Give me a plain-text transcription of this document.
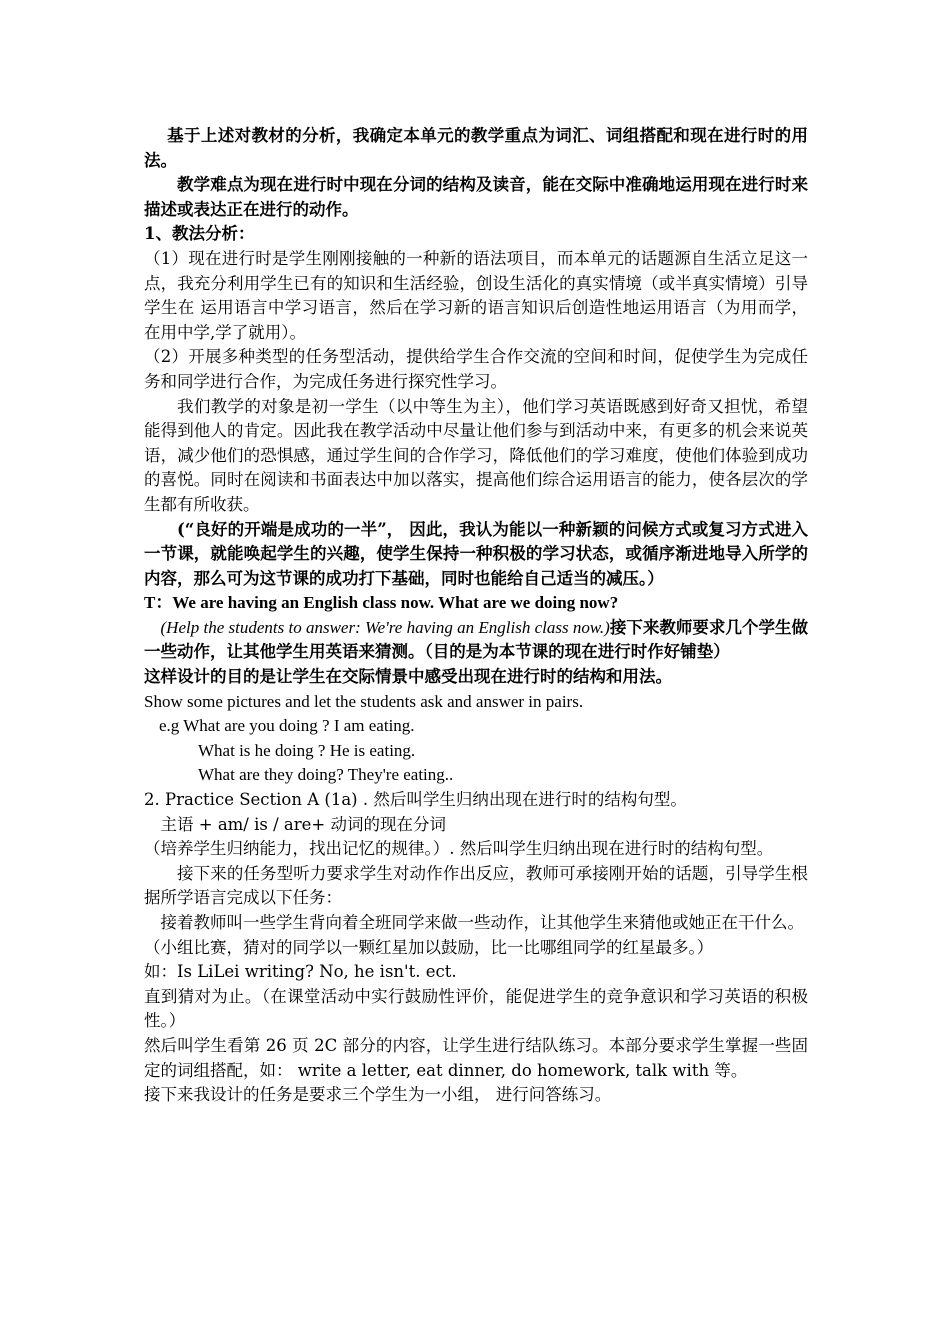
基于上述对教材的分析，我确定本单元的教学重点为词汇、词组搭配和现在进行时的用法。

教学难点为现在进行时中现在分词的结构及读音，能在交际中准确地运用现在进行时来描述或表达正在进行的动作。

1、教法分析：

（1）现在进行时是学生刚刚接触的一种新的语法项目，而本单元的话题源自生活立足这一点，我充分利用学生已有的知识和生活经验，创设生活化的真实情境（或半真实情境）引导学生在 运用语言中学习语言，然后在学习新的语言知识后创造性地运用语言（为用而学， 在用中学,学了就用）。

（2）开展多种类型的任务型活动，提供给学生合作交流的空间和时间，促使学生为完成任务和同学进行合作，为完成任务进行探究性学习。

我们教学的对象是初一学生（以中等生为主），他们学习英语既感到好奇又担忧，希望能得到他人的肯定。因此我在教学活动中尽量让他们参与到活动中来，有更多的机会来说英语，减少他们的恐惧感，通过学生间的合作学习，降低他们的学习难度，使他们体验到成功的喜悦。同时在阅读和书面表达中加以落实，提高他们综合运用语言的能力，使各层次的学生都有所收获。

(“良好的开端是成功的一半”， 因此，我认为能以一种新颖的问候方式或复习方式进入一节课，就能唤起学生的兴趣，使学生保持一种积极的学习状态，或循序渐进地导入所学的内容，那么可为这节课的成功打下基础，同时也能给自己适当的减压。）

T：We are having an English class now. What are we doing now?

(Help the students to answer: We're having an English class now.)接下来教师要求几个学生做一些动作，让其他学生用英语来猜测。（目的是为本节课的现在进行时作好铺垫）

这样设计的目的是让学生在交际情景中感受出现在进行时的结构和用法。

Show some pictures and let the students ask and answer in pairs.

e.g What are you doing ? I am eating.

What is he doing ? He is eating.

What are they doing? They're eating..

2. Practice Section A (1a) . 然后叫学生归纳出现在进行时的结构句型。

主语 + am/ is / are+ 动词的现在分词

（培养学生归纳能力，找出记忆的规律。）. 然后叫学生归纳出现在进行时的结构句型。

接下来的任务型听力要求学生对动作作出反应，教师可承接刚开始的话题，引导学生根据所学语言完成以下任务：

接着教师叫一些学生背向着全班同学来做一些动作，让其他学生来猜他或她正在干什么。

（小组比赛，猜对的同学以一颗红星加以鼓励，比一比哪组同学的红星最多。）

如：Is LiLei writing? No, he isn't. ect.

直到猜对为止。（在课堂活动中实行鼓励性评价，能促进学生的竞争意识和学习英语的积极性。）

然后叫学生看第 26 页 2C 部分的内容，让学生进行结队练习。本部分要求学生掌握一些固定的词组搭配，如： write a letter, eat dinner, do homework, talk with 等。

接下来我设计的任务是要求三个学生为一小组， 进行问答练习。
